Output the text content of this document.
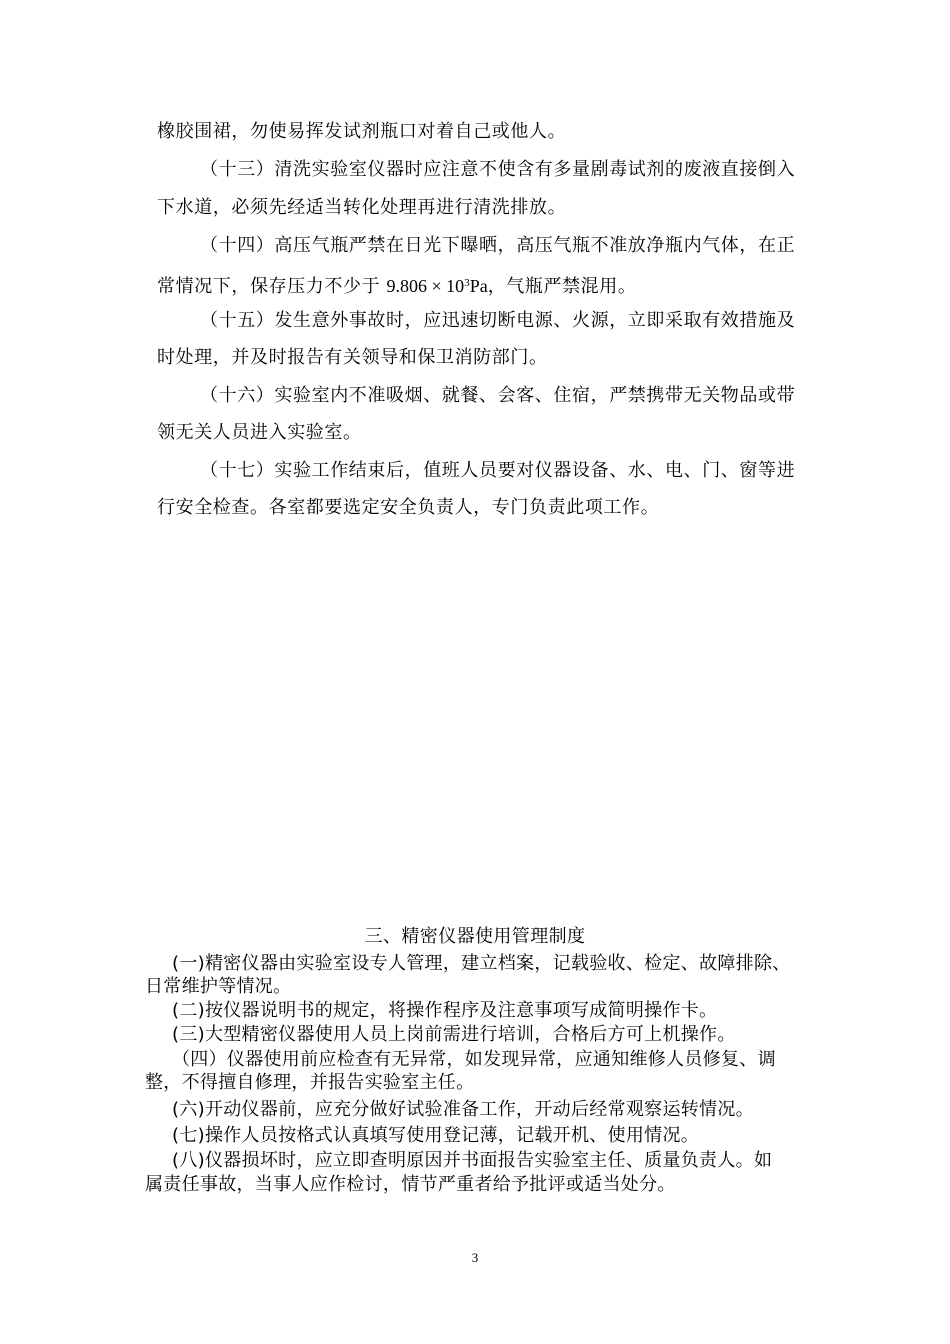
橡胶围裙，勿使易挥发试剂瓶口对着自己或他人。
（十三）清洗实验室仪器时应注意不使含有多量剧毒试剂的废液直接倒入
下水道，必须先经适当转化处理再进行清洗排放。
（十四）高压气瓶严禁在日光下曝晒，高压气瓶不准放净瓶内气体，在正
常情况下，保存压力不少于 $9.806 \times 10^3Pa$，气瓶严禁混用。
（十五）发生意外事故时，应迅速切断电源、火源，立即采取有效措施及
时处理，并及时报告有关领导和保卫消防部门。
（十六）实验室内不准吸烟、就餐、会客、住宿，严禁携带无关物品或带
领无关人员进入实验室。
（十七）实验工作结束后，值班人员要对仪器设备、水、电、门、窗等进
行安全检查。各室都要选定安全负责人，专门负责此项工作。
三、精密仪器使用管理制度
(一)精密仪器由实验室设专人管理，建立档案，记载验收、检定、故障排除、
日常维护等情况。
(二)按仪器说明书的规定，将操作程序及注意事项写成简明操作卡。
(三)大型精密仪器使用人员上岗前需进行培训，合格后方可上机操作。
（四）仪器使用前应检查有无异常，如发现异常，应通知维修人员修复、调
整，不得擅自修理，并报告实验室主任。
(六)开动仪器前，应充分做好试验准备工作，开动后经常观察运转情况。
(七)操作人员按格式认真填写使用登记薄，记载开机、使用情况。
(八)仪器损坏时，应立即查明原因并书面报告实验室主任、质量负责人。如
属责任事故，当事人应作检讨，情节严重者给予批评或适当处分。
3
